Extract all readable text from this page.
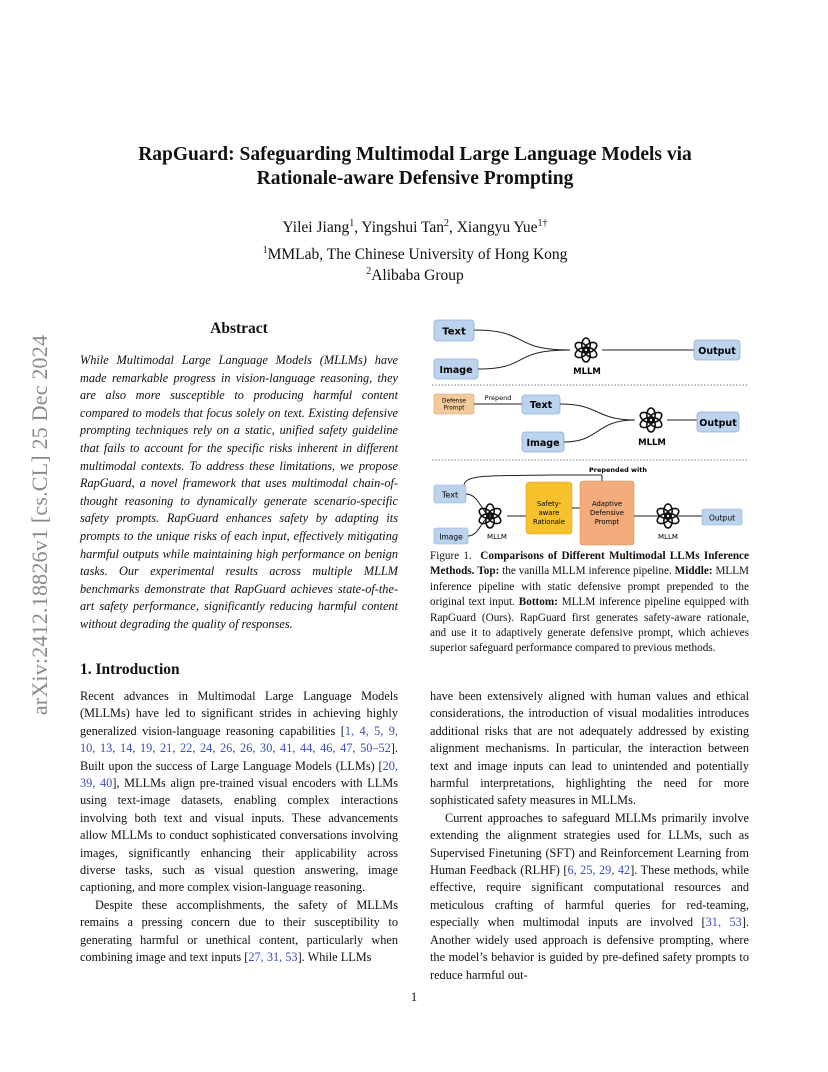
arXiv:2412.18826v1 [cs.CL] 25 Dec 2024
RapGuard: Safeguarding Multimodal Large Language Models via
Rationale-aware Defensive Prompting
Yilei Jiang$^1$, Yingshui Tan$^2$, Xiangyu Yue$^{1\dagger}$
$^1$MMLab, The Chinese University of Hong Kong
$^2$Alibaba Group
Abstract
While Multimodal Large Language Models (MLLMs) have made remarkable progress in vision-language reasoning, they are also more susceptible to producing harmful content compared to models that focus solely on text. Existing defensive prompting techniques rely on a static, unified safety guideline that fails to account for the specific risks inherent in different multimodal contexts. To address these limitations, we propose RapGuard, a novel framework that uses multimodal chain-of-thought reasoning to dynamically generate scenario-specific safety prompts. RapGuard enhances safety by adapting its prompts to the unique risks of each input, effectively mitigating harmful outputs while maintaining high performance on benign tasks. Our experimental results across multiple MLLM benchmarks demonstrate that RapGuard achieves state-of-the-art safety performance, significantly reducing harmful content without degrading the quality of responses.
1. Introduction

Recent advances in Multimodal Large Language Models (MLLMs) have led to significant strides in achieving highly generalized vision-language reasoning capabilities [1, 4, 5, 9, 10, 13, 14, 19, 21, 22, 24, 26, 26, 30, 41, 44, 46, 47, 50–52]. Built upon the success of Large Language Models (LLMs) [20, 39, 40], MLLMs align pre-trained visual encoders with LLMs using text-image datasets, enabling complex interactions involving both text and visual inputs. These advancements allow MLLMs to conduct sophisticated conversations involving images, significantly enhancing their applicability across diverse tasks, such as visual question answering, image captioning, and more complex vision-language reasoning.

Despite these accomplishments, the safety of MLLMs remains a pressing concern due to their susceptibility to generating harmful or unethical content, particularly when combining image and text inputs [27, 31, 53]. While LLMs

have been extensively aligned with human values and ethical considerations, the introduction of visual modalities introduces additional risks that are not adequately addressed by existing alignment mechanisms. In particular, the interaction between text and image inputs can lead to unintended and potentially harmful interpretations, highlighting the need for more sophisticated safety measures in MLLMs.

Current approaches to safeguard MLLMs primarily involve extending the alignment strategies used for LLMs, such as Supervised Finetuning (SFT) and Reinforcement Learning from Human Feedback (RLHF) [6, 25, 29, 42]. These methods, while effective, require significant computational resources and meticulous crafting of harmful queries for red-teaming, especially when multimodal inputs are involved [31, 53]. Another widely used approach is defensive prompting, where the model’s behavior is guided by pre-defined safety prompts to reduce harmful out-

Text
Image	MLLM
Output
Defense
Prompt
Prepend
Text
Image	MLLM
Output
Prepended with
Text
Image	MLLM
Safety-
aware
Rationale
Adaptive
Defensive
Prompt
MLLM
Output
Figure 1. Comparisons of Different Multimodal LLMs Inference Methods. Top: the vanilla MLLM inference pipeline. Middle: MLLM inference pipeline with static defensive prompt prepended to the original text input. Bottom: MLLM inference pipeline equipped with RapGuard (Ours). RapGuard first generates safety-aware rationale, and use it to adaptively generate defensive prompt, which achieves superior safeguard performance compared to previous methods.
1
